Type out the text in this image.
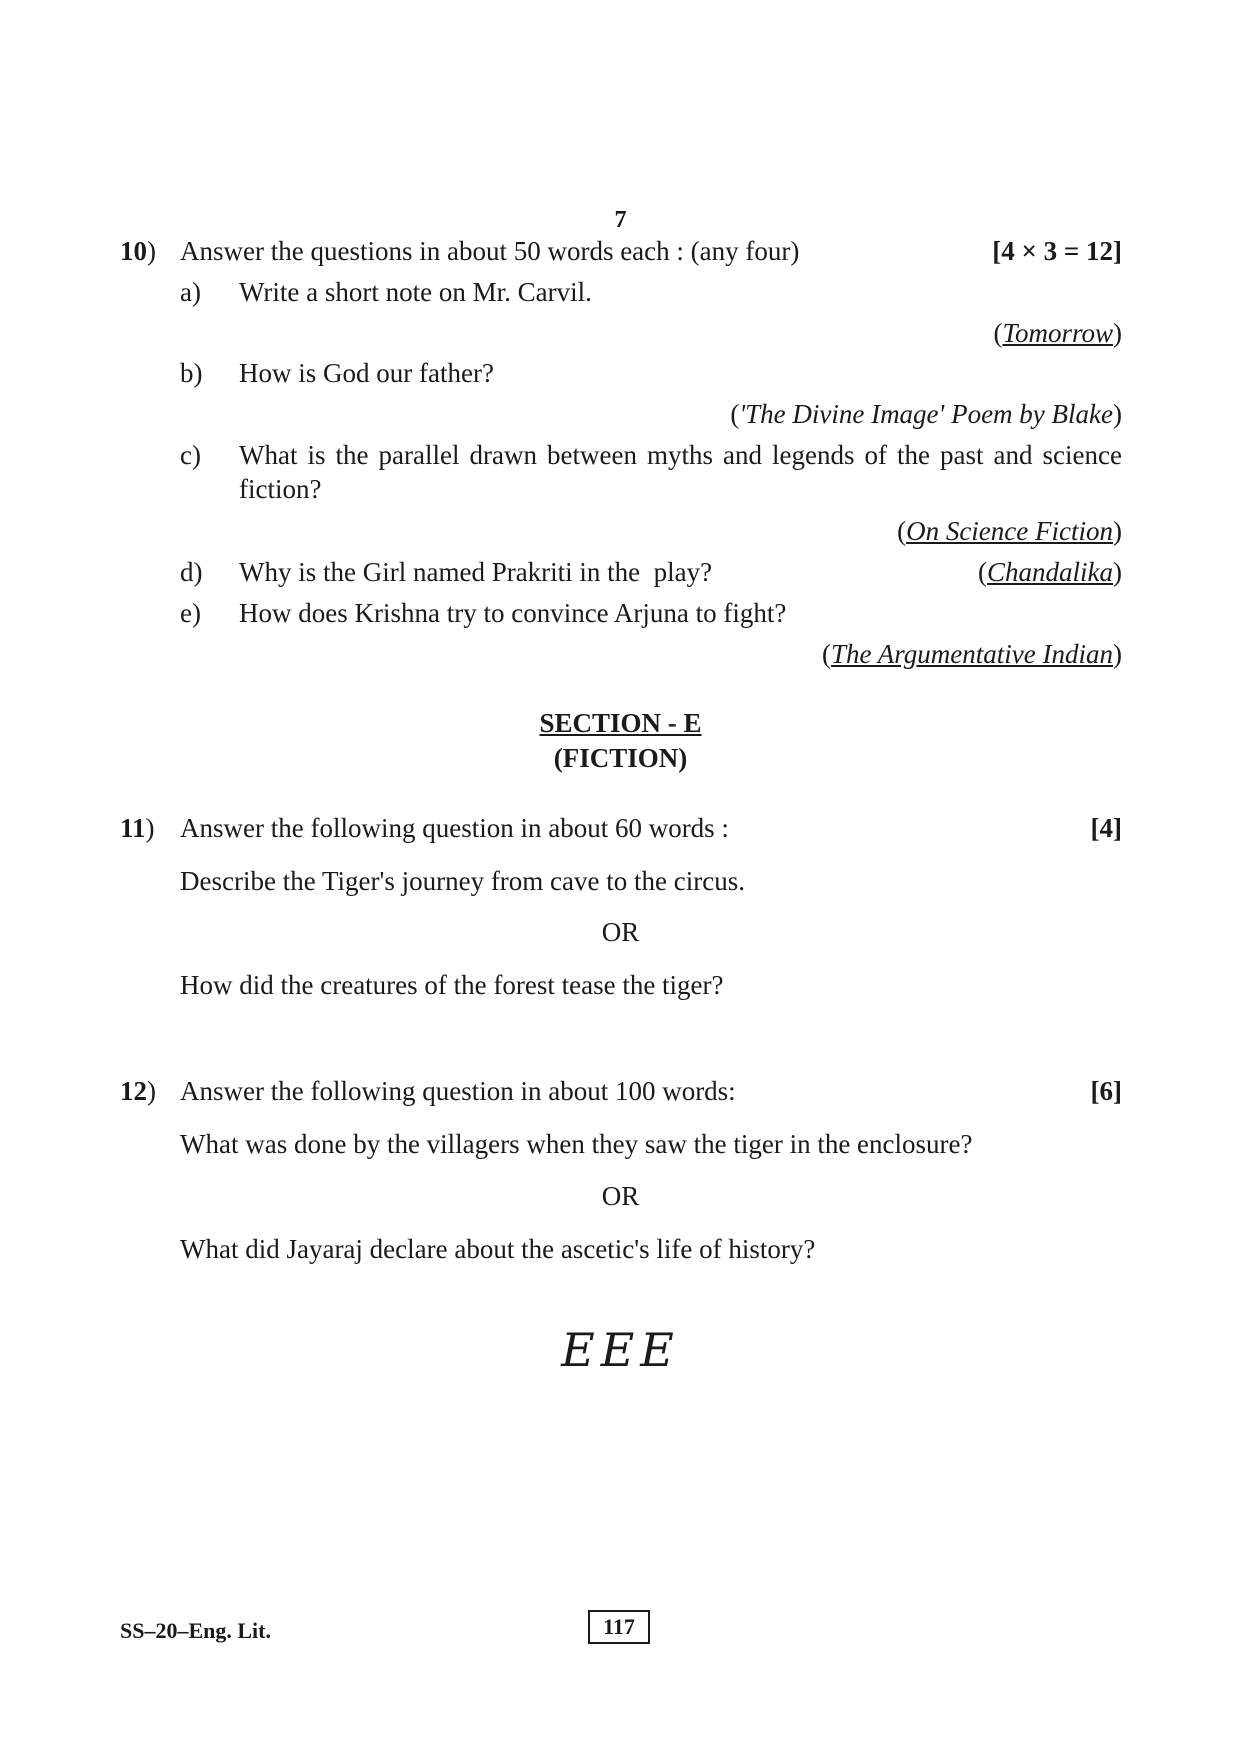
7
10) Answer the questions in about 50 words each : (any four)	[4 × 3 = 12]
a) Write a short note on Mr. Carvil.
(Tomorrow)
b) How is God our father?
('The Divine Image' Poem by Blake)
c) What is the parallel drawn between myths and legends of the past and science fiction?
(On Science Fiction)
d) Why is the Girl named Prakriti in the  play?	(Chandalika)
e) How does Krishna try to convince Arjuna to fight?
(The Argumentative Indian)
SECTION - E
(FICTION)
11) Answer the following question in about 60 words :	[4]
Describe the Tiger's journey from cave to the circus.
OR
How did the creatures of the forest tease the tiger?
12) Answer the following question in about 100 words:	[6]
What was done by the villagers when they saw the tiger in the enclosure?
OR
What did Jayaraj declare about the ascetic's life of history?
EEE
SS–20–Eng. Lit.	117
